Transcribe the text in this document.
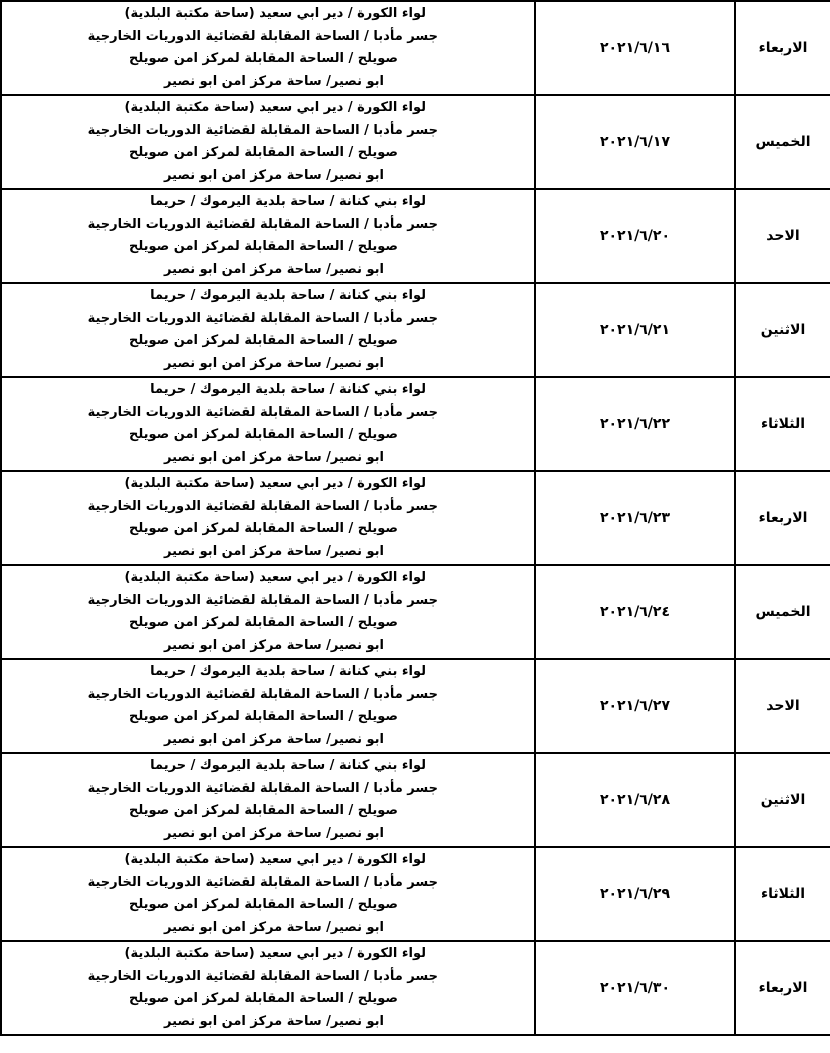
لواء الكورة / دير ابي سعيد (ساحة مكتبة البلدية)
جسر مأدبا / الساحة المقابلة لقضائية الدوريات الخارجية
صويلح / الساحة المقابلة لمركز امن صويلح
ابو نصير/ ساحة مركز امن ابو نصير	٢٠٢١/٦/١٦	الاربعاء

لواء الكورة / دير ابي سعيد (ساحة مكتبة البلدية)
جسر مأدبا / الساحة المقابلة لقضائية الدوريات الخارجية
صويلح / الساحة المقابلة لمركز امن صويلح
ابو نصير/ ساحة مركز امن ابو نصير	٢٠٢١/٦/١٧	الخميس

لواء بني كنانة / ساحة بلدية اليرموك / حريما
جسر مأدبا / الساحة المقابلة لقضائية الدوريات الخارجية
صويلح / الساحة المقابلة لمركز امن صويلح
ابو نصير/ ساحة مركز امن ابو نصير	٢٠٢١/٦/٢٠	الاحد

لواء بني كنانة / ساحة بلدية اليرموك / حريما
جسر مأدبا / الساحة المقابلة لقضائية الدوريات الخارجية
صويلح / الساحة المقابلة لمركز امن صويلح
ابو نصير/ ساحة مركز امن ابو نصير	٢٠٢١/٦/٢١	الاثنين

لواء بني كنانة / ساحة بلدية اليرموك / حريما
جسر مأدبا / الساحة المقابلة لقضائية الدوريات الخارجية
صويلح / الساحة المقابلة لمركز امن صويلح
ابو نصير/ ساحة مركز امن ابو نصير	٢٠٢١/٦/٢٢	الثلاثاء

لواء الكورة / دير ابي سعيد (ساحة مكتبة البلدية)
جسر مأدبا / الساحة المقابلة لقضائية الدوريات الخارجية
صويلح / الساحة المقابلة لمركز امن صويلح
ابو نصير/ ساحة مركز امن ابو نصير	٢٠٢١/٦/٢٣	الاربعاء

لواء الكورة / دير ابي سعيد (ساحة مكتبة البلدية)
جسر مأدبا / الساحة المقابلة لقضائية الدوريات الخارجية
صويلح / الساحة المقابلة لمركز امن صويلح
ابو نصير/ ساحة مركز امن ابو نصير	٢٠٢١/٦/٢٤	الخميس

لواء بني كنانة / ساحة بلدية اليرموك / حريما
جسر مأدبا / الساحة المقابلة لقضائية الدوريات الخارجية
صويلح / الساحة المقابلة لمركز امن صويلح
ابو نصير/ ساحة مركز امن ابو نصير	٢٠٢١/٦/٢٧	الاحد

لواء بني كنانة / ساحة بلدية اليرموك / حريما
جسر مأدبا / الساحة المقابلة لقضائية الدوريات الخارجية
صويلح / الساحة المقابلة لمركز امن صويلح
ابو نصير/ ساحة مركز امن ابو نصير	٢٠٢١/٦/٢٨	الاثنين

لواء الكورة / دير ابي سعيد (ساحة مكتبة البلدية)
جسر مأدبا / الساحة المقابلة لقضائية الدوريات الخارجية
صويلح / الساحة المقابلة لمركز امن صويلح
ابو نصير/ ساحة مركز امن ابو نصير	٢٠٢١/٦/٢٩	الثلاثاء

لواء الكورة / دير ابي سعيد (ساحة مكتبة البلدية)
جسر مأدبا / الساحة المقابلة لقضائية الدوريات الخارجية
صويلح / الساحة المقابلة لمركز امن صويلح
ابو نصير/ ساحة مركز امن ابو نصير	٢٠٢١/٦/٣٠	الاربعاء
